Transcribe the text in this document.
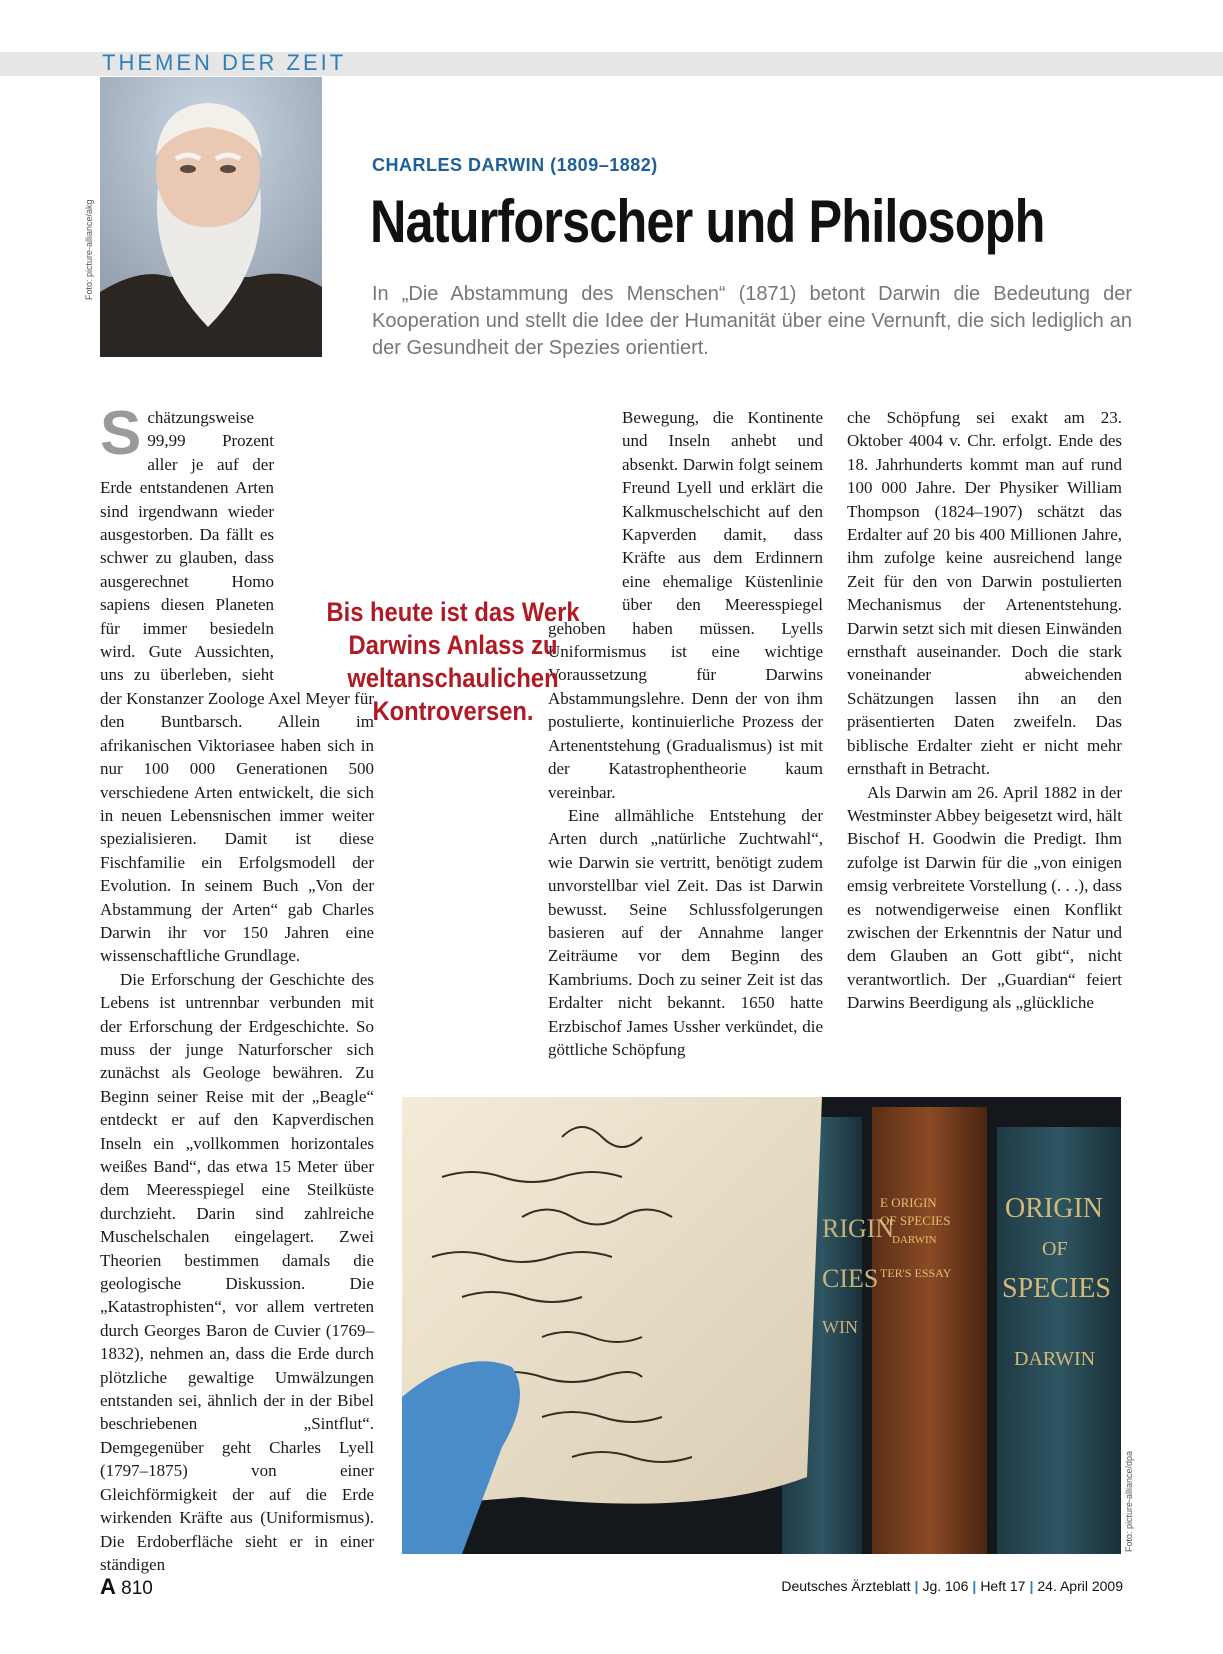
THEMEN DER ZEIT
Foto: picture-alliance/akg
CHARLES DARWIN (1809–1882)
Naturforscher und Philosoph
In „Die Abstammung des Menschen“ (1871) betont Darwin die Bedeutung der Kooperation und stellt die Idee der Humanität über eine Vernunft, die sich lediglich an der Gesundheit der Spezies orientiert.
S chätzungsweise 99,99 Prozent aller je auf der Erde entstandenen Arten sind irgendwann wieder ausgestorben. Da fällt es schwer zu glauben, dass ausgerechnet Homo sapiens diesen Planeten für immer besiedeln wird. Gute Aussichten, uns zu überleben, sieht der Konstanzer Zoologe Axel Meyer für den Buntbarsch. Allein im afrikanischen Viktoriasee haben sich in nur 100 000 Generationen 500 verschiedene Arten entwickelt, die sich in neuen Lebensnischen immer weiter spezialisieren. Damit ist diese Fischfamilie ein Erfolgsmodell der Evolution. In seinem Buch „Von der Abstammung der Arten“ gab Charles Darwin ihr vor 150 Jahren eine wissenschaftliche Grundlage.

Die Erforschung der Geschichte des Lebens ist untrennbar verbunden mit der Erforschung der Erdgeschichte. So muss der junge Naturforscher sich zunächst als Geologe bewähren. Zu Beginn seiner Reise mit der „Beagle“ entdeckt er auf den Kapverdischen Inseln ein „vollkommen horizontales weißes Band“, das etwa 15 Meter über dem Meeresspiegel eine Steilküste durchzieht. Darin sind zahlreiche Muschelschalen eingelagert. Zwei Theorien bestimmen damals die geologische Diskussion. Die „Katastrophisten“, vor allem vertreten durch Georges Baron de Cuvier (1769–1832), nehmen an, dass die Erde durch plötzliche gewaltige Umwälzungen entstanden sei, ähnlich der in der Bibel beschriebenen „Sintflut“. Demgegenüber geht Charles Lyell (1797–1875) von einer Gleichförmigkeit der auf die Erde wirkenden Kräfte aus (Uniformismus). Die Erdoberfläche sieht er in einer ständigen

Bewegung, die Kontinente und Inseln anhebt und absenkt. Darwin folgt seinem Freund Lyell und erklärt die Kalkmuschelschicht auf den Kapverden damit, dass Kräfte aus dem Erdinnern eine ehemalige Küstenlinie über den Meeresspiegel gehoben haben müssen. Lyells Uniformismus ist eine wichtige Voraussetzung für Darwins Abstammungslehre. Denn der von ihm postulierte, kontinuierliche Prozess der Artenentstehung (Gradualismus) ist mit der Katastrophentheorie kaum vereinbar.

Eine allmähliche Entstehung der Arten durch „natürliche Zuchtwahl“, wie Darwin sie vertritt, benötigt zudem unvorstellbar viel Zeit. Das ist Darwin bewusst. Seine Schlussfolgerungen basieren auf der Annahme langer Zeiträume vor dem Beginn des Kambriums. Doch zu seiner Zeit ist das Erdalter nicht bekannt. 1650 hatte Erzbischof James Ussher verkündet, die göttliche Schöpfung

che Schöpfung sei exakt am 23. Oktober 4004 v. Chr. erfolgt. Ende des 18. Jahrhunderts kommt man auf rund 100 000 Jahre. Der Physiker William Thompson (1824–1907) schätzt das Erdalter auf 20 bis 400 Millionen Jahre, ihm zufolge keine ausreichend lange Zeit für den von Darwin postulierten Mechanismus der Artenentstehung. Darwin setzt sich mit diesen Einwänden ernsthaft auseinander. Doch die stark voneinander abweichenden Schätzungen lassen ihn an den präsentierten Daten zweifeln. Das biblische Erdalter zieht er nicht mehr ernsthaft in Betracht.

Als Darwin am 26. April 1882 in der Westminster Abbey beigesetzt wird, hält Bischof H. Goodwin die Predigt. Ihm zufolge ist Darwin für die „von einigen emsig verbreitete Vorstellung (. . .), dass es notwendigerweise einen Konflikt zwischen der Erkenntnis der Natur und dem Glauben an Gott gibt“, nicht verantwortlich. Der „Guardian“ feiert Darwins Beerdigung als „glückliche

Bis heute ist das Werk Darwins Anlass zu weltanschaulichen Kontroversen.
RIGIN
CIES
WIN
E ORIGIN
OF SPECIES
DARWIN
TER'S ESSAY
ORIGIN
OF
SPECIES
DARWIN
Foto: picture-alliance/dpa
A 810	Deutsches Ärzteblatt | Jg. 106 | Heft 17 | 24. April 2009
